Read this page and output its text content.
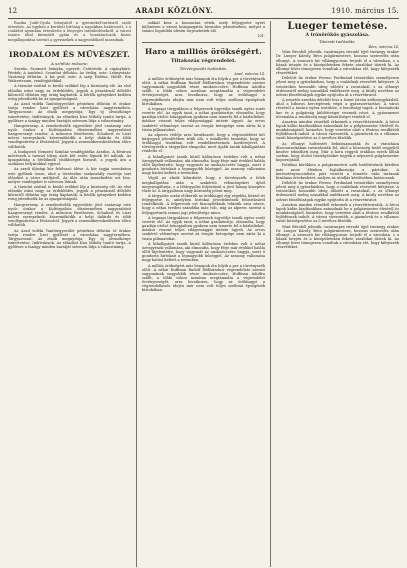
12	ARADI KÖZLÖNY.	1910. március 15.

Rozika Judit-Gyula leányaitól a gyermekel-tartásról szóló értesítés. Az ügyben a kerületi bíróság a napokban határozott, s a családot nyomban értesítette a lényeges intézkedésekről. A városi tanács által kirendelt gyám és a hozzátartozók közös megállapodása szerint a gyermekek a nagyszülőknél maradnak.

IRODALOM ÉS MŰVÉSZET.
A színház műsora:

Szerda: Szomorú leányka, operett. Csütörtök: A cigánybáró. Péntek: A tanítónő. Szombat délután: Az ördög, este: Leányvásár. Vasárnap délután: A kis gróf, este: A szép Heléna. Hétfő: Ein Walzertraum, vendégjátékkal.

A társulat ezúttal is kiváló erőkkel lép a közönség elé. Az első előadás iránt nagy az érdeklődés, jegyek a pénztárnál délelőtt kilenctől délután egy óráig kaphatók. A bérlők igényeiket kedden estig jelenthetik be az igazgatóságnál.

Az Arad vidéki Tanítóegyesület pénteken délután öt órakor tartja rendes havi gyűlését a városháza nagytermében. Tárgysorozat: Az elnök megnyitója; Egy új olvasókönyv ismertetése; Indítványok. Az előadást Kiss Mihály tanító tartja. A gyűlésre a tanügy minden barátját szívesen látja a választmány.

Hangverseny. A zenekedvelők egyesülete jövő vasárnap este nyolc órakor a Kultúrpalota dísztermében nagyszabású hangversenyt rendez. A műsoron Beethoven, Schubert és Liszt művei szerepelnek, közreműködik a helyi dalárda és több vendégművész a fővárosból. Jegyek a zeneműkereskedésben előre válthatók.

A budapesti Nemzeti Színház vendégjátéka Aradon. A fővárosi művészek a tavaszi idény alatt két estén lépnek fel nálunk. Az igazgatóság a bérlőknek elsőbbséget biztosít, a jegyek ára a szokásos helyárakkal egyező.

Az aradi ifjúsági kör felolvasó ülése. A kör tagjai szombaton este gyűlnek össze, ahol a történelmi szakosztály vezetője tart előadást a város múltjáról. Az ülés után ismerkedési est lesz, melyre vendégeket is szívesen látnak.

A társulat ezúttal is kiváló erőkkel lép a közönség elé. Az első előadás iránt nagy az érdeklődés, jegyek a pénztárnál délelőtt kilenctől délután egy óráig kaphatók. A bérlők igényeiket kedden estig jelenthetik be az igazgatóságnál.

Hangverseny. A zenekedvelők egyesülete jövő vasárnap este nyolc órakor a Kultúrpalota dísztermében nagyszabású hangversenyt rendez. A műsoron Beethoven, Schubert és Liszt művei szerepelnek, közreműködik a helyi dalárda és több vendégművész a fővárosból. Jegyek a zeneműkereskedésben előre válthatók.

Az Arad vidéki Tanítóegyesület pénteken délután öt órakor tartja rendes havi gyűlését a városháza nagytermében. Tárgysorozat: Az elnök megnyitója; Egy új olvasókönyv ismertetése; Indítványok. Az előadást Kiss Mihály tanító tartja. A gyűlésre a tanügy minden barátját szívesen látja a választmány.

sokkal kesz a huszonhat vétek, mely feljegyzést nyert különösen a városi közigazgatás hivatalos jelentésében, melyet a tanács legutóbbi ülésén terjesztettek elő.

101.
Haro a milliós örökségért.
Tiltakozás végrendelet.
Törvényszéki tudósítás.
Arad, március 14.

A milliós örökségért már hónapok óta folyik a per a törvényszék előtt. A néhai Hoffman Rudolf földbirtokos végrendelete szerint vagyonának nagyobbik része unokaöccsére, Hoffman Adolfra szállt, a többi rokon azonban megtámadta a végrendelet érvényességét, arra hivatkozva, hogy az örökhagyó a végrendelkezés idején már nem volt teljes szellemi épségének birtokában.

A tegnapi tárgyaláson a felperesek ügyvédje tanúk egész sorát vezette elő. Az egyik tanú, a néhai gazdatisztje, elmondta, hogy gazdája utolsó hónapjaiban gyakran nem ismerte fel a házbelieket, máskor viszont teljes világossággal intézte ügyeit. Az orvos szakértő véleménye szerint az öregúr betegsége nem zárta ki a tiszta pillanatokat.

Az alperes védője arra hivatkozott, hogy a végrendeletet két közjegyző jelenlétében írták alá, s mindkettő tanúsítja, hogy az örökhagyó tisztában volt rendelkezéseinek horderejével. A törvényszék a tárgyalást elnapolta, mert újabb tanúk kihallgatását rendelte el.

A kihallgatott tanúk közül különösen érdekes volt a néhai özvegyének vallomása, aki elmondta, hogy férje már évekkel halála előtt kijelentette, hogy vagyonát az unokaöccsére hagyja, mert ő gondozta birtokait a legnagyobb hűséggel. Az asszony vallomása nagy hatást keltett a teremben.

Végül az elnök kihirdette, hogy a törvényszék a felek meghallgatása után a szakértői véleményeket újból megvizsgáltatja, s a főtárgyalás folytatását a jövő hónap közepére tűzte ki. A tárgyaláson nagy közönség jelent meg.

A tárgyalás során előkerült az örökhagyó egy régebbi, kézzel írt feljegyzése is, amelyben birtokai jövedelmének felosztásáról rendelkezik. A felperesek ezt bizonyítéknak tekintik arra nézve, hogy a néhai eredeti szándéka más volt, míg az alperes szerint a feljegyzésnek semmi jogi jelentősége nincs.

A tegnapi tárgyaláson a felperesek ügyvédje tanúk egész sorát vezette elő. Az egyik tanú, a néhai gazdatisztje, elmondta, hogy gazdája utolsó hónapjaiban gyakran nem ismerte fel a házbelieket, máskor viszont teljes világossággal intézte ügyeit. Az orvos szakértő véleménye szerint az öregúr betegsége nem zárta ki a tiszta pillanatokat.

A kihallgatott tanúk közül különösen érdekes volt a néhai özvegyének vallomása, aki elmondta, hogy férje már évekkel halála előtt kijelentette, hogy vagyonát az unokaöccsére hagyja, mert ő gondozta birtokait a legnagyobb hűséggel. Az asszony vallomása nagy hatást keltett a teremben.

A milliós örökségért már hónapok óta folyik a per a törvényszék előtt. A néhai Hoffman Rudolf földbirtokos végrendelete szerint vagyonának nagyobbik része unokaöccsére, Hoffman Adolfra szállt, a többi rokon azonban megtámadta a végrendelet érvényességét, arra hivatkozva, hogy az örökhagyó a végrendelkezés idején már nem volt teljes szellemi épségének birtokában.

Lueger temetése.
A trónörökös gyászolása.
Távirati tudósítás.
Bécs, március 14.

Mint Bécsből jelentik, vasárnapra virradó éjjel tizenegy órakor Dr. Lueger Károly, Bécs polgármestere, hosszas szenvedés után elhunyt. A szomorú hír villámgyorsan terjedt el a városban, s a házak tetején és a középületeken fekete zászlókat tűztek ki. Az elhunyt hívei tömegesen vonultak a városháza elé, hogy kifejezzék részvétüket.

Délelőtt tíz órakor Ferenc Ferdinánd trónörökös személyesen jelent meg a gyászházban, hogy a családnak részvétét kifejezze. A trónörökös hosszabb ideig időzött a ravatalnál, s az elhunyt érdemeiről meleg szavakkal emlékezett meg. A király nevében az udvari főméltóságok egyike nyújtotta át a részvétiratot.

A temetés szerdán délelőtt lesz a Szent István székesegyházból, ahol a bíboros hercegérsek végzi a gyászszertartást. A város részéről a tanács egész testülete, a bizottsági tagok, a hivatalnoki kar és a polgárság küldöttségei vesznek részt. A gyászmenet útvonalán a rendőrség nagy készültséget rendelt el.

Ausztria minden részéből érkeznek a részvéttáviratok. A bécsi lapok külön kiadásokban számolnak be a polgármester életéről és munkásságáról, kiemelve, hogy vezetése alatt a főváros rendkívüli fejlődésnek indult. A városi vízvezeték, a gázművek és a villamos vasút községesítése az ő nevéhez fűződik.

Az elhunyt holttestét bebalzsamozták és a városháza díszcsarnokában ravatalozták fel, ahol a közönség kedd reggeltől kezdve tekintheti meg. Már a kora reggeli órákban ezrek álltak sorban, hogy utolsó tisztelgésüket tegyék a népszerű polgármester koporsójánál.

Politikai körökben a polgármesteri szék betöltésének kérdése már most élénken foglalkoztatja a pártokat. A keresztényszocialista párt vezetői a temetés után tartanak bizalmas értekezletet, melyen az utódlás kérdésében határoznak.

Délelőtt tíz órakor Ferenc Ferdinánd trónörökös személyesen jelent meg a gyászházban, hogy a családnak részvétét kifejezze. A trónörökös hosszabb ideig időzött a ravatalnál, s az elhunyt érdemeiről meleg szavakkal emlékezett meg. A király nevében az udvari főméltóságok egyike nyújtotta át a részvétiratot.

Ausztria minden részéből érkeznek a részvéttáviratok. A bécsi lapok külön kiadásokban számolnak be a polgármester életéről és munkásságáról, kiemelve, hogy vezetése alatt a főváros rendkívüli fejlődésnek indult. A városi vízvezeték, a gázművek és a villamos vasút községesítése az ő nevéhez fűződik.

Mint Bécsből jelentik, vasárnapra virradó éjjel tizenegy órakor Dr. Lueger Károly, Bécs polgármestere, hosszas szenvedés után elhunyt. A szomorú hír villámgyorsan terjedt el a városban, s a házak tetején és a középületeken fekete zászlókat tűztek ki. Az elhunyt hívei tömegesen vonultak a városháza elé, hogy kifejezzék részvétüket.
